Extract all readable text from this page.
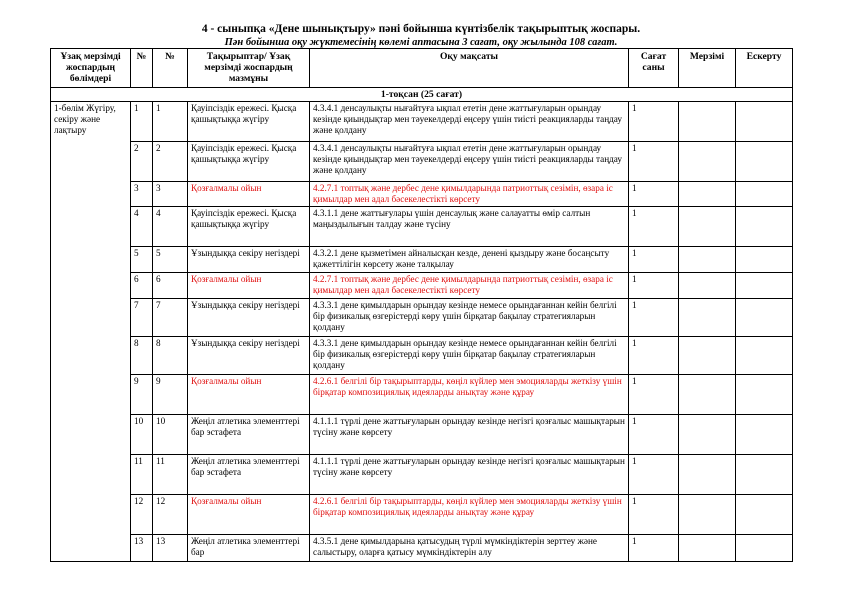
4 - сыныпқа «Дене шынықтыру» пәні бойынша күнтізбелік тақырыптық жоспары.
Пән бойынша оқу жүктемесінің көлемі аптасына 3 сағат, оқу жылында 108 сағат.
Ұзақ мерзімді жоспардың бөлімдері	№	№	Тақырыптар/ Ұзақ мерзімді жоспардың мазмұны	Оқу мақсаты	Сағат саны	Мерзімі	Ескерту
1-тоқсан (25 сағат)							
1-бөлім Жүгіру, секіру және лақтыру	1	1	Қауіпсіздік ережесі. Қысқа қашықтыққа жүгіру	4.3.4.1 денсаулықты нығайтуға ықпал ететін дене жаттығуларын орындау кезінде қиындықтар мен тәуекелдерді еңсеру үшін тиісті реакцияларды таңдау және қолдану	1		
	2	2	Қауіпсіздік ережесі. Қысқа қашықтыққа жүгіру	4.3.4.1 денсаулықты нығайтуға ықпал ететін дене жаттығуларын орындау кезінде қиындықтар мен тәуекелдерді еңсеру үшін тиісті реакцияларды таңдау және қолдану	1		
	3	3	Қозғалмалы ойын	4.2.7.1 топтық және дербес дене қимылдарында патриоттық сезімін, өзара іс қимылдар мен адал бәсекелестікті көрсету	1		
	4	4	Қауіпсіздік ережесі. Қысқа қашықтыққа жүгіру	4.3.1.1 дене жаттығулары үшін денсаулық және салауатты өмір салтын маңыздылығын талдау және түсіну	1		
	5	5	Ұзындыққа секіру негіздері	4.3.2.1 дене қызметімен айналысқан кезде, денені қыздыру және босаңсыту қажеттілігін көрсету және талқылау	1		
	6	6	Қозғалмалы ойын	4.2.7.1 топтық және дербес дене қимылдарында патриоттық сезімін, өзара іс қимылдар мен адал бәсекелестікті көрсету	1		
	7	7	Ұзындыққа секіру негіздері	4.3.3.1 дене қимылдарын орындау кезінде немесе орындағаннан кейін белгілі бір физикалық өзгерістерді көру үшін бірқатар бақылау стратегияларын қолдану	1		
	8	8	Ұзындыққа секіру негіздері	4.3.3.1 дене қимылдарын орындау кезінде немесе орындағаннан кейін белгілі бір физикалық өзгерістерді көру үшін бірқатар бақылау стратегияларын қолдану	1		
	9	9	Қозғалмалы ойын	4.2.6.1 белгілі бір тақырыптарды, көңіл күйлер мен эмоцияларды жеткізу үшін бірқатар композициялық идеяларды анықтау және құрау	1		
	10	10	Жеңіл атлетика элементтері бар эстафета	4.1.1.1 түрлі дене жаттығуларын орындау кезінде негізгі қозғалыс машықтарын түсіну және көрсету	1		
	11	11	Жеңіл атлетика элементтері бар эстафета	4.1.1.1 түрлі дене жаттығуларын орындау кезінде негізгі қозғалыс машықтарын түсіну және көрсету	1		
	12	12	Қозғалмалы ойын	4.2.6.1 белгілі бір тақырыптарды, көңіл күйлер мен эмоцияларды жеткізу үшін бірқатар композициялық идеяларды анықтау және құрау	1		
	13	13	Жеңіл атлетика элементтері бар	4.3.5.1 дене қимылдарына қатысудың түрлі мүмкіндіктерін зерттеу және салыстыру, оларға қатысу мүмкіндіктерін алу	1		
